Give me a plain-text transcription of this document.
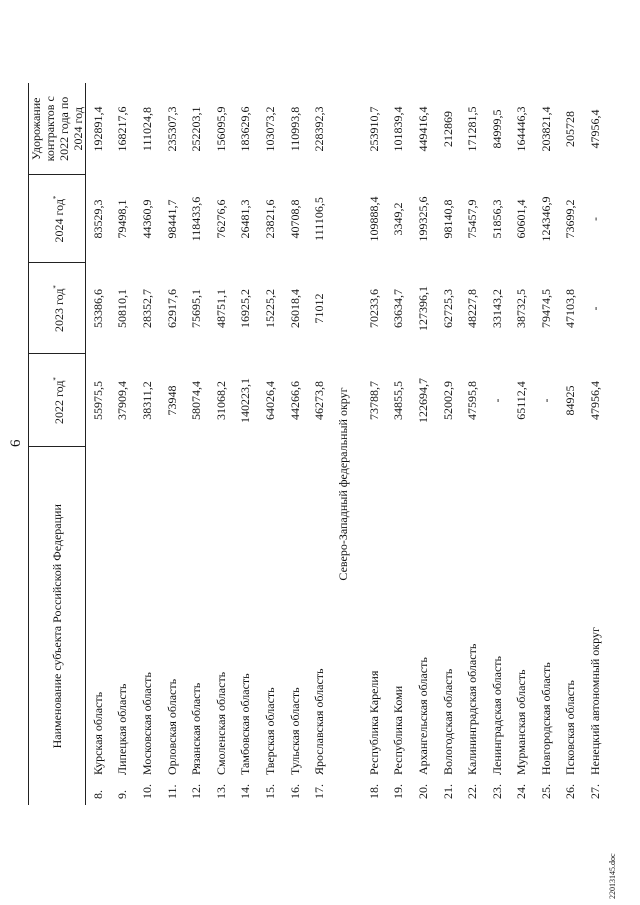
6
22013145.doc
Наименование субъекта Российской Федерации		2022 год*	2023 год*	2024 год*	Удорожание контрактов с 2022 года по 2024 год
8.	Курская область	55975,5	53386,6	83529,3	192891,4
9.	Липецкая область	37909,4	50810,1	79498,1	168217,6
10.	Московская область	38311,2	28352,7	44360,9	111024,8
11.	Орловская область	73948	62917,6	98441,7	235307,3
12.	Рязанская область	58074,4	75695,1	118433,6	252203,1
13.	Смоленская область	31068,2	48751,1	76276,6	156095,9
14.	Тамбовская область	140223,1	16925,2	26481,3	183629,6
15.	Тверская область	64026,4	15225,2	23821,6	103073,2
16.	Тульская область	44266,6	26018,4	40708,8	110993,8
17.	Ярославская область	46273,8	71012	111106,5	228392,3
	Северо-Западный федеральный округ				

18.	Республика Карелия	73788,7	70233,6	109888,4	253910,7
19.	Республика Коми	34855,5	63634,7	3349,2	101839,4
20.	Архангельская область	122694,7	127396,1	199325,6	449416,4
21.	Вологодская область	52002,9	62725,3	98140,8	212869
22.	Калининградская область	47595,8	48227,8	75457,9	171281,5
23.	Ленинградская область	-	33143,2	51856,3	84999,5
24.	Мурманская область	65112,4	38732,5	60601,4	164446,3
25.	Новгородская область	-	79474,5	124346,9	203821,4
26.	Псковская область	84925	47103,8	73699,2	205728
27.	Ненецкий автономный округ	47956,4	-	-	47956,4
